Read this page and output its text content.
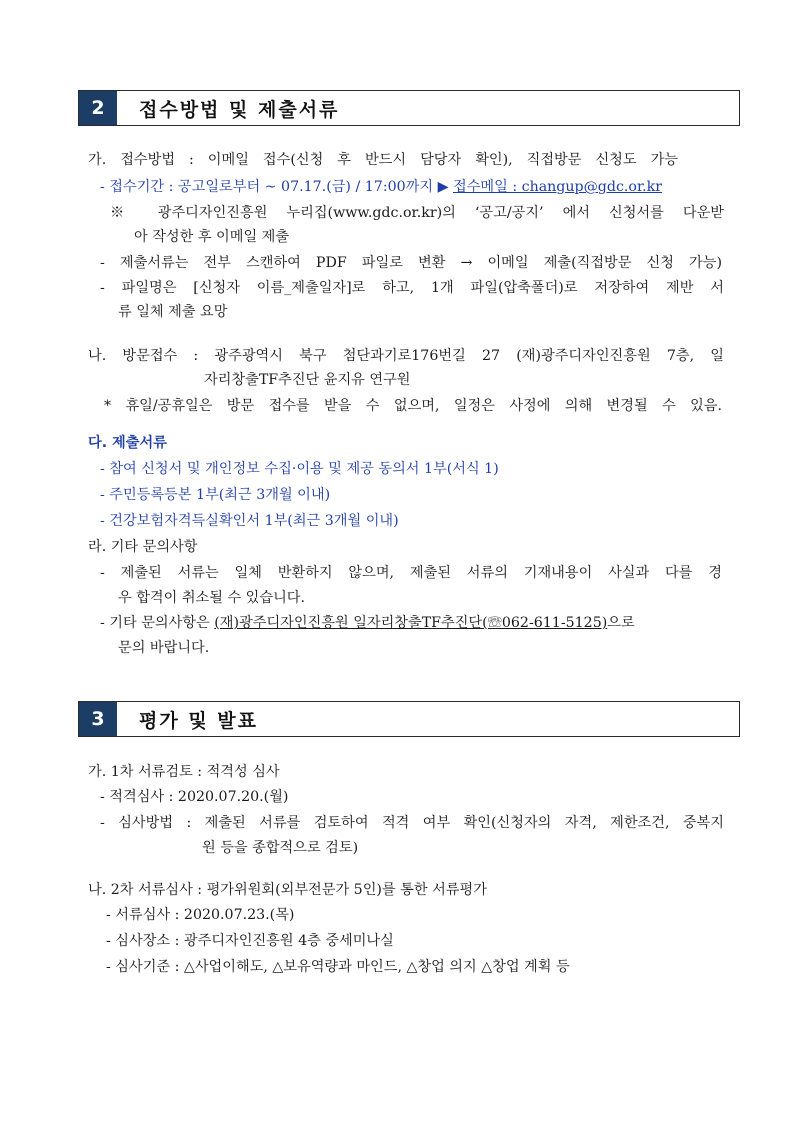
2	접수방법 및 제출서류
가. 접수방법 : 이메일 접수(신청 후 반드시 담당자 확인), 직접방문 신청도 가능
- 접수기간 : 공고일로부터 ∼ 07.17.(금) / 17:00까지 ▶ 접수메일 : changup@gdc.or.kr
※ 광주디자인진흥원 누리집(www.gdc.or.kr)의 ‘공고/공지’ 에서 신청서를 다운받
아 작성한 후 이메일 제출
- 제출서류는 전부 스캔하여 PDF 파일로 변환 → 이메일 제출(직접방문 신청 가능)
- 파일명은 [신청자 이름_제출일자]로 하고, 1개 파일(압축폴더)로 저장하여 제반 서
류 일체 제출 요망
나. 방문접수 : 광주광역시 북구 첨단과기로176번길 27 (재)광주디자인진흥원 7층, 일
자리창출TF추진단 윤지유 연구원
* 휴일/공휴일은 방문 접수를 받을 수 없으며, 일정은 사정에 의해 변경될 수 있음.
다. 제출서류
- 참여 신청서 및 개인정보 수집·이용 및 제공 동의서 1부(서식 1)
- 주민등록등본 1부(최근 3개월 이내)
- 건강보험자격득실확인서 1부(최근 3개월 이내)
라. 기타 문의사항
- 제출된 서류는 일체 반환하지 않으며, 제출된 서류의 기재내용이 사실과 다를 경
우 합격이 취소될 수 있습니다.
- 기타 문의사항은 (재)광주디자인진흥원 일자리창출TF추진단(☏062-611-5125)으로
문의 바랍니다.
3	평가 및 발표
가. 1차 서류검토 : 적격성 심사
- 적격심사 : 2020.07.20.(월)
- 심사방법 : 제출된 서류를 검토하여 적격 여부 확인(신청자의 자격, 제한조건, 중복지
원 등을 종합적으로 검토)
나. 2차 서류심사 : 평가위원회(외부전문가 5인)를 통한 서류평가
- 서류심사 : 2020.07.23.(목)
- 심사장소 : 광주디자인진흥원 4층 중세미나실
- 심사기준 : △사업이해도, △보유역량과 마인드, △창업 의지 △창업 계획 등
